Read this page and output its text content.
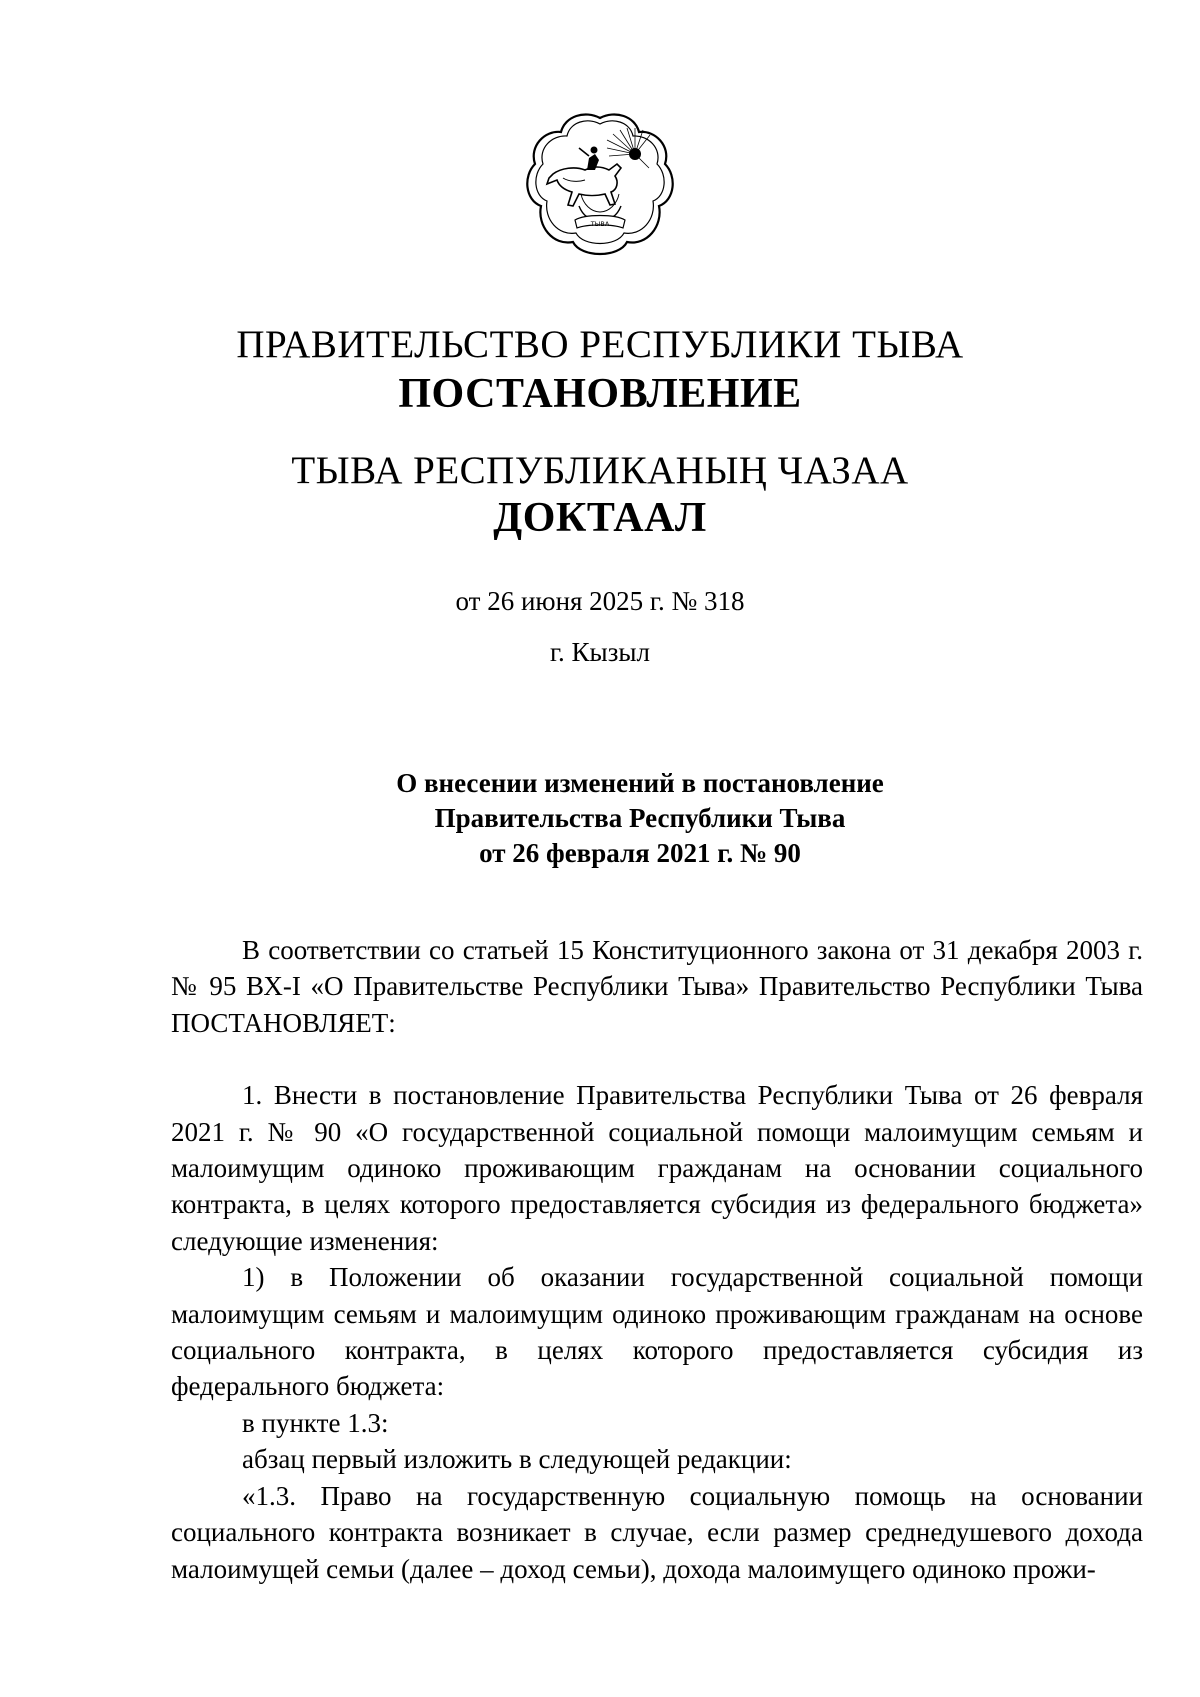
ТЫВА
ПРАВИТЕЛЬСТВО РЕСПУБЛИКИ ТЫВА
ПОСТАНОВЛЕНИЕ
ТЫВА РЕСПУБЛИКАНЫҢ ЧАЗАА
ДОКТААЛ
от 26 июня 2025 г. № 318
г. Кызыл
О внесении изменений в постановление
Правительства Республики Тыва
от 26 февраля 2021 г. № 90

В соответствии со статьей 15 Конституционного закона от 31 декабря 2003 г. № 95 ВХ-I «О Правительстве Республики Тыва» Правительство Республики Тыва ПОСТАНОВЛЯЕТ:

1. Внести в постановление Правительства Республики Тыва от 26 февраля 2021 г. № 90 «О государственной социальной помощи малоимущим семьям и малоимущим одиноко проживающим гражданам на основании социального контракта, в целях которого предоставляется субсидия из федерального бюджета» следующие изменения:

1) в Положении об оказании государственной социальной помощи малоимущим семьям и малоимущим одиноко проживающим гражданам на основе социального контракта, в целях которого предоставляется субсидия из федерального бюджета:

в пункте 1.3:

абзац первый изложить в следующей редакции:

«1.3. Право на государственную социальную помощь на основании социального контракта возникает в случае, если размер среднедушевого дохода малоимущей семьи (далее – доход семьи), дохода малоимущего одиноко прожи-
